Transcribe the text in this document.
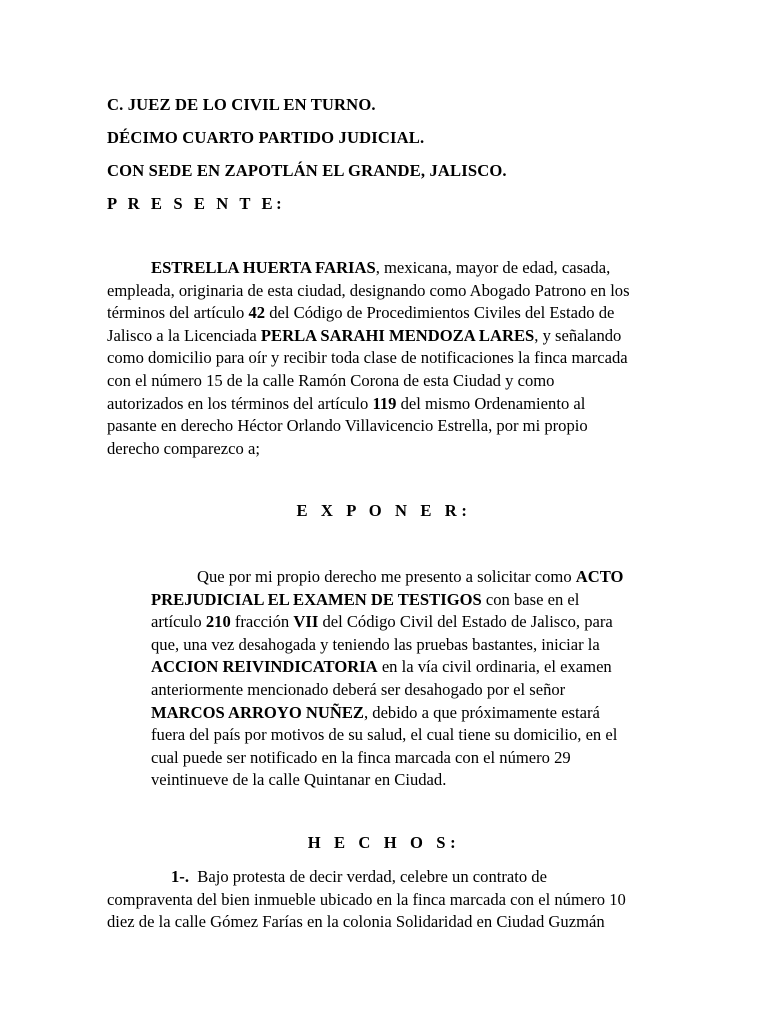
C. JUEZ DE LO CIVIL EN TURNO.
DÉCIMO CUARTO PARTIDO JUDICIAL.
CON SEDE EN ZAPOTLÁN EL GRANDE, JALISCO.
P R E S E N T E:
ESTRELLA HUERTA FARIAS, mexicana, mayor de edad, casada,
empleada, originaria de esta ciudad, designando como Abogado Patrono en los
términos del artículo 42 del Código de Procedimientos Civiles del Estado de
Jalisco a la Licenciada PERLA SARAHI MENDOZA LARES, y señalando
como domicilio para oír y recibir toda clase de notificaciones la finca marcada
con el número 15 de la calle Ramón Corona de esta Ciudad y como
autorizados en los términos del artículo 119 del mismo Ordenamiento al
pasante en derecho Héctor Orlando Villavicencio Estrella, por mi propio
derecho comparezco a;
E X P O N E R:
Que por mi propio derecho me presento a solicitar como ACTO
PREJUDICIAL EL EXAMEN DE TESTIGOS con base en el
artículo 210 fracción VII del Código Civil del Estado de Jalisco, para
que, una vez desahogada y teniendo las pruebas bastantes, iniciar la
ACCION REIVINDICATORIA en la vía civil ordinaria, el examen
anteriormente mencionado deberá ser desahogado por el señor
MARCOS ARROYO NUÑEZ, debido a que próximamente estará
fuera del país por motivos de su salud, el cual tiene su domicilio, en el
cual puede ser notificado en la finca marcada con el número 29
veintinueve de la calle Quintanar en Ciudad.
H E C H O S:
1-.  Bajo protesta de decir verdad, celebre un contrato de
compraventa del bien inmueble ubicado en la finca marcada con el número 10
diez de la calle Gómez Farías en la colonia Solidaridad en Ciudad Guzmán
